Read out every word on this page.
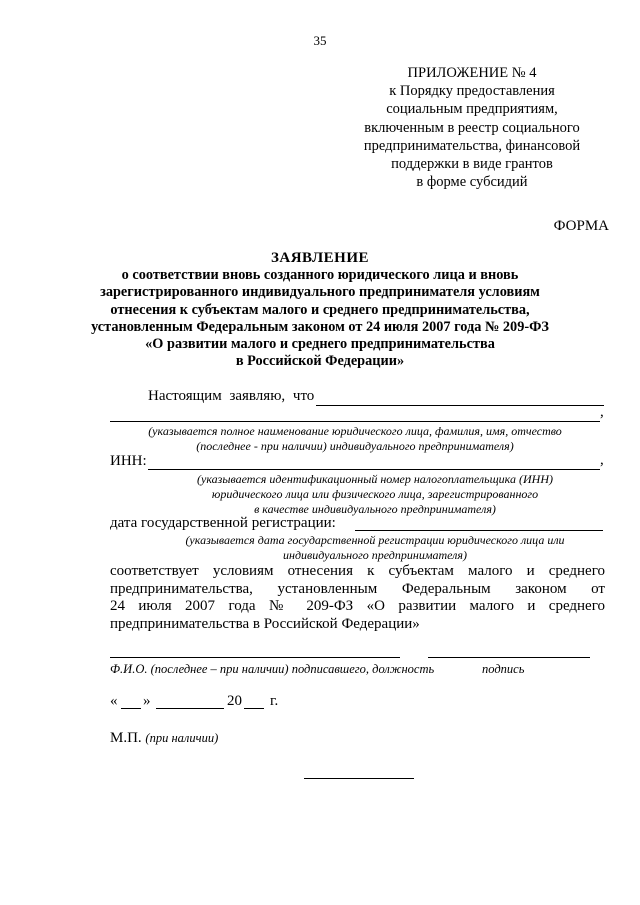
35
ПРИЛОЖЕНИЕ № 4
к Порядку предоставления
социальным предприятиям,
включенным в реестр социального
предпринимательства, финансовой
поддержки в виде грантов
в форме субсидий
ФОРМА
ЗАЯВЛЕНИЕ
о соответствии вновь созданного юридического лица и вновь
зарегистрированного индивидуального предпринимателя условиям
отнесения к субъектам малого и среднего предпринимательства,
установленным Федеральным законом от 24 июля 2007 года № 209-ФЗ
«О развитии малого и среднего предпринимательства
в Российской Федерации»
Настоящим заявляю, что
,
(указывается полное наименование юридического лица, фамилия, имя, отчество
(последнее - при наличии) индивидуального предпринимателя)
ИНН:	,
(указывается идентификационный номер налогоплательщика (ИНН)
юридического лица или физического лица, зарегистрированного
в качестве индивидуального предпринимателя)
дата государственной регистрации:
(указывается дата государственной регистрации юридического лица или
индивидуального предпринимателя)
соответствует условиям отнесения к субъектам малого и среднего
предпринимательства, установленным Федеральным законом от
24 июля 2007 года № 209-ФЗ «О развитии малого и среднего
предпринимательства в Российской Федерации»
Ф.И.О. (последнее – при наличии) подписавшего, должность	подпись
« »	20 г.
М.П. (при наличии)
